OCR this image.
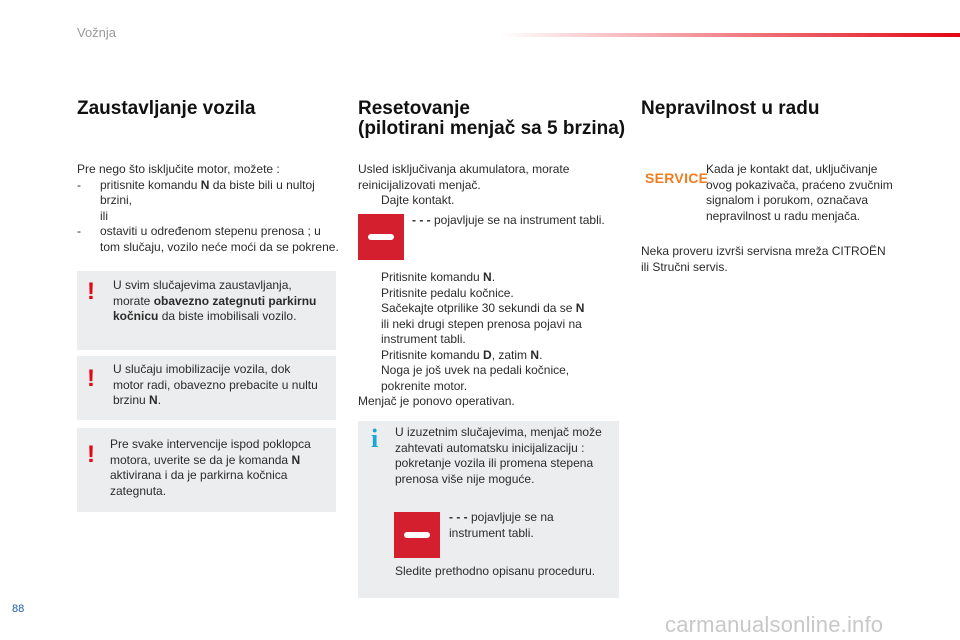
Vožnja
Zaustavljanje vozila
Pre nego što isključite motor, možete :
- pritisnite komandu N da biste bili u nultoj
brzini,
ili
- ostaviti u određenom stepenu prenosa ; u
tom slučaju, vozilo neće moći da se pokrene.
! U svim slučajevima zaustavljanja,
morate obavezno zategnuti parkirnu
kočnicu da biste imobilisali vozilo.
! U slučaju imobilizacije vozila, dok
motor radi, obavezno prebacite u nultu
brzinu N.
! Pre svake intervencije ispod poklopca
motora, uverite se da je komanda N
aktivirana i da je parkirna kočnica
zategnuta.
Resetovanje
(pilotirani menjač sa 5 brzina)
Usled isključivanja akumulatora, morate
reinicijalizovati menjač.
Dajte kontakt.
- - - pojavljuje se na instrument tabli.
Pritisnite komandu N.
Pritisnite pedalu kočnice.
Sačekajte otprilike 30 sekundi da se N
ili neki drugi stepen prenosa pojavi na
instrument tabli.
Pritisnite komandu D, zatim N.
Noga je još uvek na pedali kočnice,
pokrenite motor.
Menjač je ponovo operativan.
i U izuzetnim slučajevima, menjač može
zahtevati automatsku inicijalizaciju :
pokretanje vozila ili promena stepena
prenosa više nije moguće.
- - - pojavljuje se na
instrument tabli.
Sledite prethodno opisanu proceduru.
Nepravilnost u radu
SERVICE
Kada je kontakt dat, uključivanje
ovog pokazivača, praćeno zvučnim
signalom i porukom, označava
nepravilnost u radu menjača.
Neka proveru izvrši servisna mreža CITROËN
ili Stručni servis.
88
carmanualsonline.info
